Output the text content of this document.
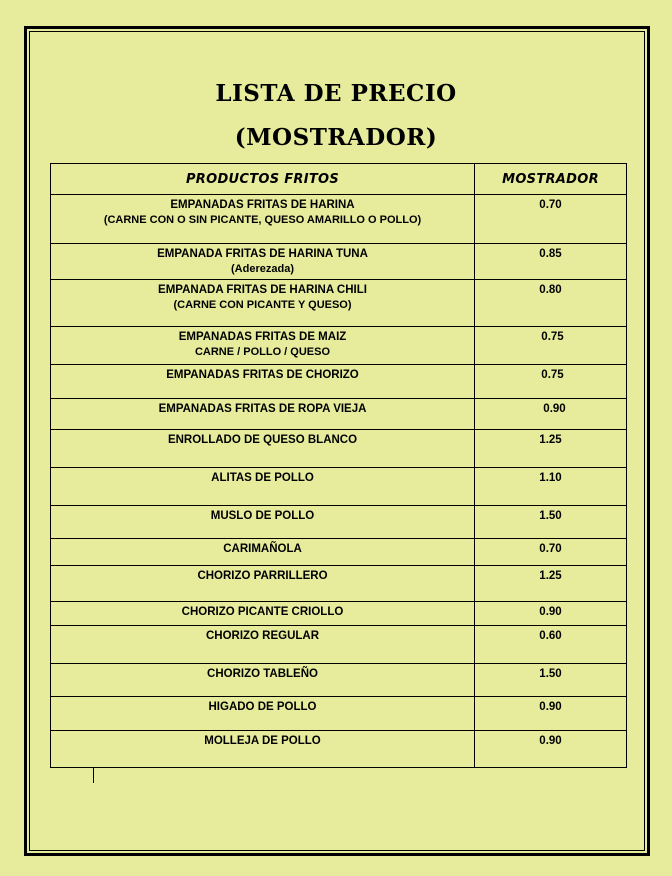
LISTA DE PRECIO
(MOSTRADOR)
PRODUCTOS FRITOS	MOSTRADOR
EMPANADAS FRITAS DE HARINA
(CARNE CON O SIN PICANTE, QUESO AMARILLO O POLLO)	0.70
EMPANADA FRITAS DE HARINA TUNA
(Aderezada)	0.85
EMPANADA FRITAS DE HARINA CHILI
(CARNE CON PICANTE Y QUESO)	0.80
EMPANADAS FRITAS DE MAIZ
CARNE / POLLO / QUESO	0.75
EMPANADAS FRITAS DE CHORIZO	0.75
EMPANADAS FRITAS DE ROPA VIEJA	0.90
ENROLLADO DE QUESO BLANCO	1.25
ALITAS DE POLLO	1.10
MUSLO DE POLLO	1.50
CARIMAÑOLA	0.70
CHORIZO PARRILLERO	1.25
CHORIZO PICANTE CRIOLLO	0.90
CHORIZO REGULAR	0.60
CHORIZO TABLEÑO	1.50
HIGADO DE POLLO	0.90
MOLLEJA DE POLLO	0.90
